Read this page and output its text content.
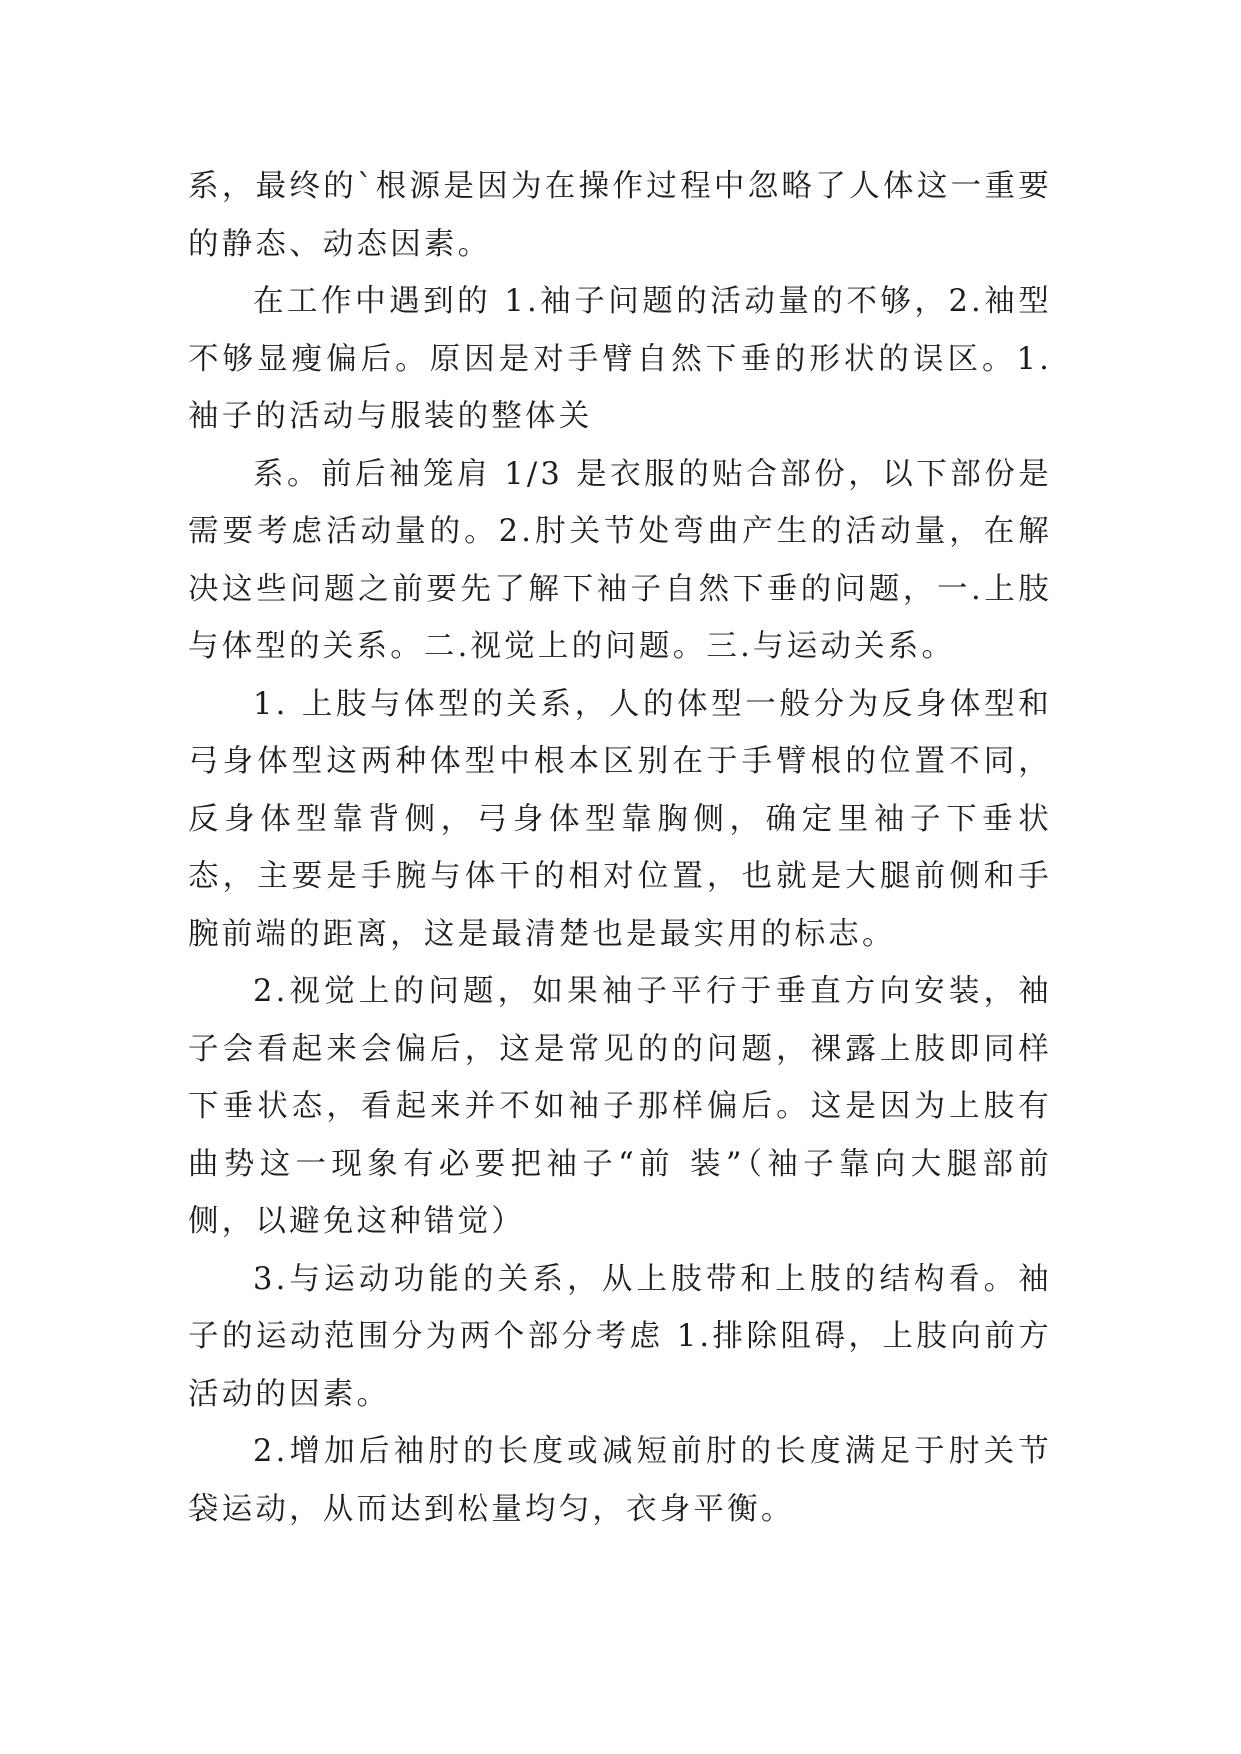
系，最终的`根源是因为在操作过程中忽略了人体这一重要的静态、动态因素。

在工作中遇到的 1.袖子问题的活动量的不够，2.袖型不够显瘦偏后。原因是对手臂自然下垂的形状的误区。1.袖子的活动与服装的整体关

系。前后袖笼肩 1/3 是衣服的贴合部份，以下部份是需要考虑活动量的。2.肘关节处弯曲产生的活动量，在解决这些问题之前要先了解下袖子自然下垂的问题，一.上肢与体型的关系。二.视觉上的问题。三.与运动关系。

1. 上肢与体型的关系，人的体型一般分为反身体型和弓身体型这两种体型中根本区别在于手臂根的位置不同，反身体型靠背侧，弓身体型靠胸侧，确定里袖子下垂状态，主要是手腕与体干的相对位置，也就是大腿前侧和手腕前端的距离，这是最清楚也是最实用的标志。

2.视觉上的问题，如果袖子平行于垂直方向安装，袖子会看起来会偏后，这是常见的的问题，裸露上肢即同样下垂状态，看起来并不如袖子那样偏后。这是因为上肢有曲势这一现象有必要把袖子“前 装”（袖子靠向大腿部前侧，以避免这种错觉）

3.与运动功能的关系，从上肢带和上肢的结构看。袖子的运动范围分为两个部分考虑 1.排除阻碍，上肢向前方活动的因素。

2.增加后袖肘的长度或减短前肘的长度满足于肘关节袋运动，从而达到松量均匀，衣身平衡。
